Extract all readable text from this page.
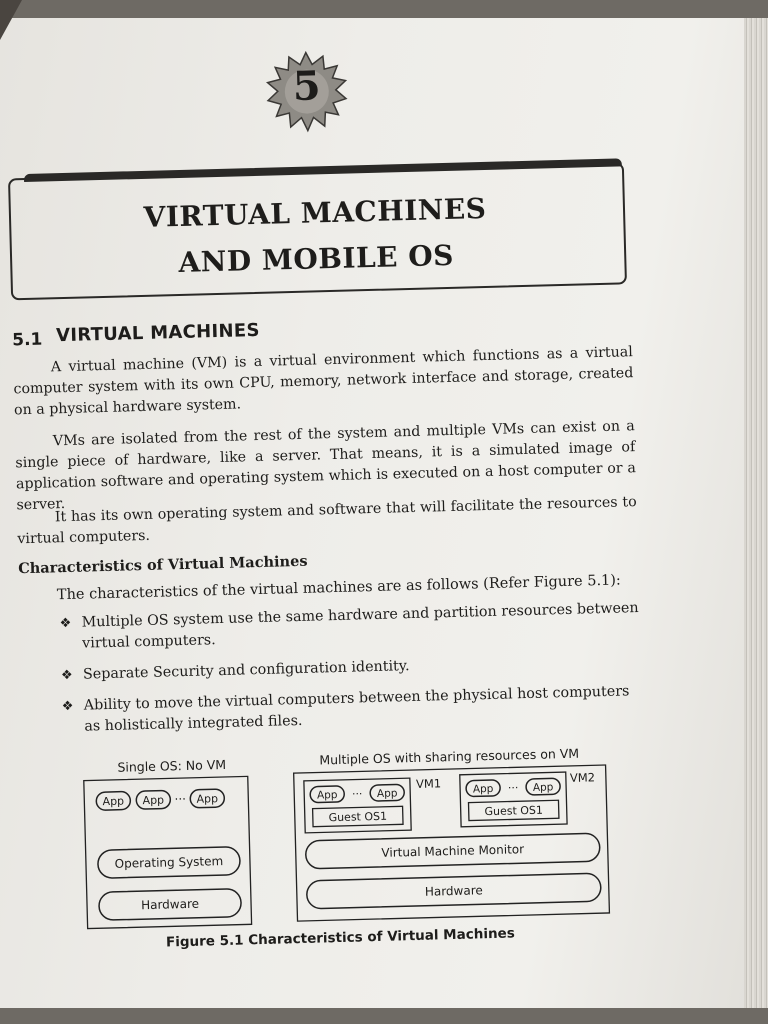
5
VIRTUAL MACHINES
AND MOBILE OS
5.1 VIRTUAL MACHINES

A virtual machine (VM) is a virtual environment which functions as a virtual computer system with its own CPU, memory, network interface and storage, created on a physical hardware system.

VMs are isolated from the rest of the system and multiple VMs can exist on a single piece of hardware, like a server. That means, it is a simulated image of application software and operating system which is executed on a host computer or a server.

It has its own operating system and software that will facilitate the resources to virtual computers.

Characteristics of Virtual Machines
The characteristics of the virtual machines are as follows (Refer Figure 5.1):
❖ Multiple OS system use the same hardware and partition resources between virtual computers.
❖ Separate Security and configuration identity.
❖ Ability to move the virtual computers between the physical host computers as holistically integrated files.
Single OS: No VM
App App ··· App
Operating System
Hardware
Multiple OS with sharing resources on VM
VM1
App ··· App
Guest OS1
VM2
App ··· App
Guest OS1
Virtual Machine Monitor
Hardware
Figure 5.1 Characteristics of Virtual Machines
